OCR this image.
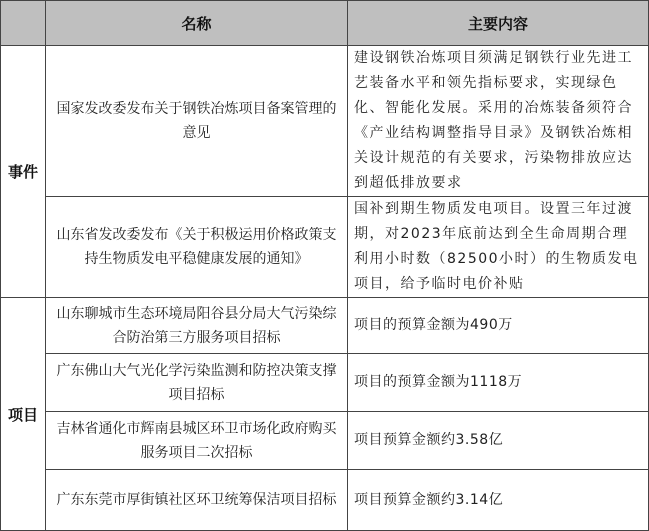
	名称	主要内容
事件	国家发改委发布关于钢铁冶炼项目备案管理的意见	建设钢铁冶炼项目须满足钢铁行业先进工艺装备水平和领先指标要求，实现绿色化、智能化发展。采用的冶炼装备须符合《产业结构调整指导目录》及钢铁冶炼相关设计规范的有关要求，污染物排放应达到超低排放要求
	山东省发改委发布《关于积极运用价格政策支持生物质发电平稳健康发展的通知》	国补到期生物质发电项目。设置三年过渡期，对2023年底前达到全生命周期合理利用小时数（82500小时）的生物质发电项目，给予临时电价补贴
项目	山东聊城市生态环境局阳谷县分局大气污染综合防治第三方服务项目招标	项目的预算金额为490万
	广东佛山大气光化学污染监测和防控决策支撑项目招标	项目的预算金额为1118万
	吉林省通化市辉南县城区环卫市场化政府购买服务项目二次招标	项目预算金额约3.58亿
	广东东莞市厚街镇社区环卫统筹保洁项目招标	项目预算金额约3.14亿
